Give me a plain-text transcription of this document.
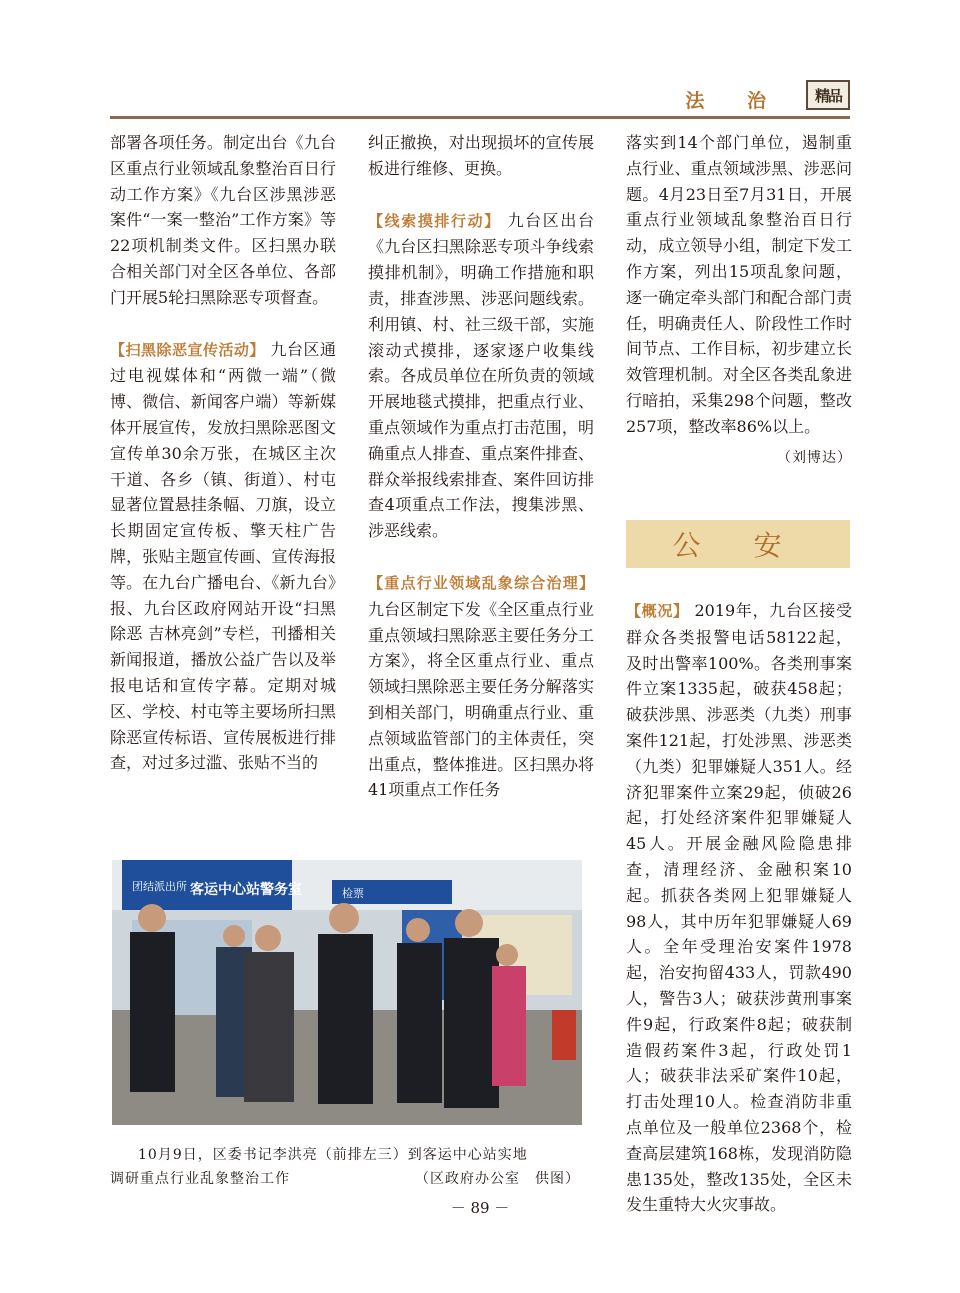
法 治	精品

部署各项任务。制定出台《九台区重点行业领域乱象整治百日行动工作方案》《九台区涉黑涉恶案件“一案一整治”工作方案》等22项机制类文件。区扫黑办联合相关部门对全区各单位、各部门开展5轮扫黑除恶专项督查。

【扫黑除恶宣传活动】 九台区通过电视媒体和“两微一端”（微博、微信、新闻客户端）等新媒体开展宣传，发放扫黑除恶图文宣传单30余万张，在城区主次干道、各乡（镇、街道）、村屯显著位置悬挂条幅、刀旗，设立长期固定宣传板、擎天柱广告牌，张贴主题宣传画、宣传海报等。在九台广播电台、《新九台》报、九台区政府网站开设“扫黑除恶 吉林亮剑”专栏，刊播相关新闻报道，播放公益广告以及举报电话和宣传字幕。定期对城区、学校、村屯等主要场所扫黑除恶宣传标语、宣传展板进行排查，对过多过滥、张贴不当的

纠正撤换，对出现损坏的宣传展板进行维修、更换。

【线索摸排行动】 九台区出台《九台区扫黑除恶专项斗争线索摸排机制》，明确工作措施和职责，排查涉黑、涉恶问题线索。利用镇、村、社三级干部，实施滚动式摸排，逐家逐户收集线索。各成员单位在所负责的领域开展地毯式摸排，把重点行业、重点领域作为重点打击范围，明确重点人排查、重点案件排查、群众举报线索排查、案件回访排查4项重点工作法，搜集涉黑、涉恶线索。

【重点行业领域乱象综合治理】 九台区制定下发《全区重点行业重点领域扫黑除恶主要任务分工方案》，将全区重点行业、重点领域扫黑除恶主要任务分解落实到相关部门，明确重点行业、重点领域监管部门的主体责任，突出重点，整体推进。区扫黑办将41项重点工作任务

落实到14个部门单位，遏制重点行业、重点领域涉黑、涉恶问题。4月23日至7月31日，开展重点行业领域乱象整治百日行动，成立领导小组，制定下发工作方案，列出15项乱象问题，逐一确定牵头部门和配合部门责任，明确责任人、阶段性工作时间节点、工作目标，初步建立长效管理机制。对全区各类乱象进行暗拍，采集298个问题，整改257项，整改率86%以上。

（刘博达）
公 安

【概况】 2019年，九台区接受群众各类报警电话58122起，及时出警率100%。各类刑事案件立案1335起，破获458起；破获涉黑、涉恶类（九类）刑事案件121起，打处涉黑、涉恶类（九类）犯罪嫌疑人351人。经济犯罪案件立案29起，侦破26起，打处经济案件犯罪嫌疑人45人。开展金融风险隐患排查，清理经济、金融积案10起。抓获各类网上犯罪嫌疑人98人，其中历年犯罪嫌疑人69人。全年受理治安案件1978起，治安拘留433人，罚款490人，警告3人；破获涉黄刑事案件9起，行政案件8起；破获制造假药案件3起，行政处罚1人；破获非法采矿案件10起，打击处理10人。检查消防非重点单位及一般单位2368个，检查高层建筑168栋，发现消防隐患135处，整改135处，全区未发生重特大火灾事故。

团结派出所 客运中心站警务室	检票
10月9日，区委书记李洪亮（前排左三）到客运中心站实地
调研重点行业乱象整治工作	（区政府办公室　供图）
－ 89 －
